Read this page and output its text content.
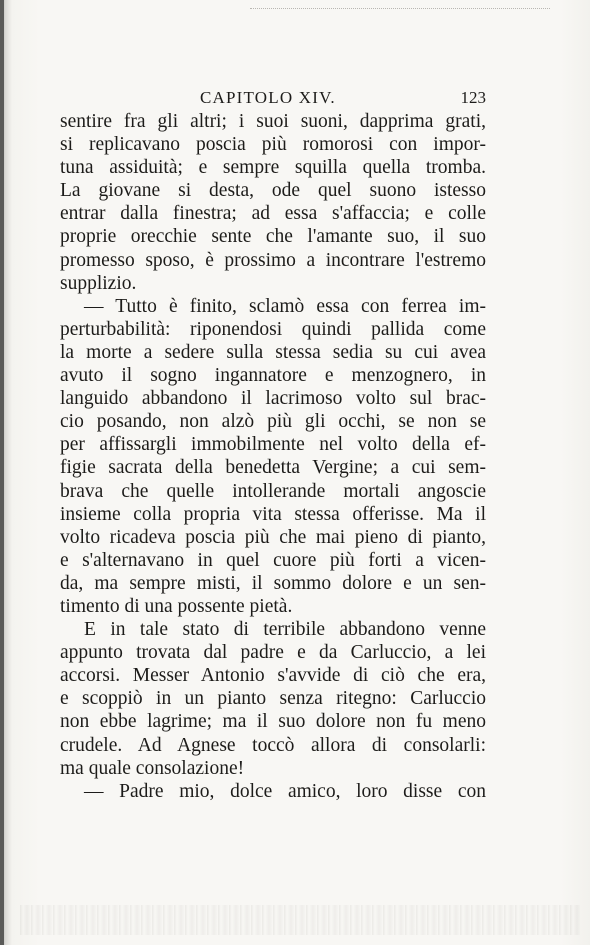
CAPITOLO XIV.	123
sentire fra gli altri; i suoi suoni, dapprima grati,
si replicavano poscia più romorosi con impor-
tuna assiduità; e sempre squilla quella tromba.
La giovane si desta, ode quel suono istesso
entrar dalla finestra; ad essa s'affaccia; e colle
proprie orecchie sente che l'amante suo, il suo
promesso sposo, è prossimo a incontrare l'estremo
supplizio.
— Tutto è finito, sclamò essa con ferrea im-
perturbabilità: riponendosi quindi pallida come
la morte a sedere sulla stessa sedia su cui avea
avuto il sogno ingannatore e menzognero, in
languido abbandono il lacrimoso volto sul brac-
cio posando, non alzò più gli occhi, se non se
per affissargli immobilmente nel volto della ef-
figie sacrata della benedetta Vergine; a cui sem-
brava che quelle intollerande mortali angoscie
insieme colla propria vita stessa offerisse. Ma il
volto ricadeva poscia più che mai pieno di pianto,
e s'alternavano in quel cuore più forti a vicen-
da, ma sempre misti, il sommo dolore e un sen-
timento di una possente pietà.
E in tale stato di terribile abbandono venne
appunto trovata dal padre e da Carluccio, a lei
accorsi. Messer Antonio s'avvide di ciò che era,
e scoppiò in un pianto senza ritegno: Carluccio
non ebbe lagrime; ma il suo dolore non fu meno
crudele. Ad Agnese toccò allora di consolarli:
ma quale consolazione!
— Padre mio, dolce amico, loro disse con
